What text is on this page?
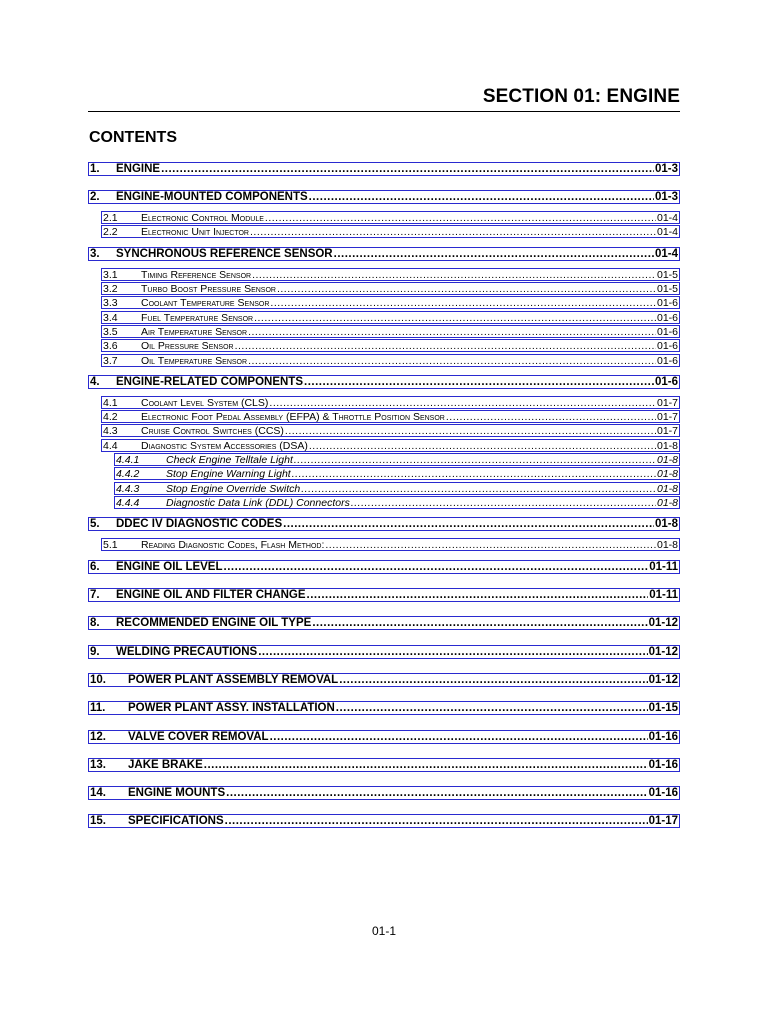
SECTION 01: ENGINE
CONTENTS
1.	ENGINE .....	01-3
2.	ENGINE-MOUNTED COMPONENTS .....	01-3
2.1	Electronic Control Module .....	01-4
2.2	Electronic Unit Injector .....	01-4
3.	SYNCHRONOUS REFERENCE SENSOR .....	01-4
3.1	Timing Reference Sensor .....	01-5
3.2	Turbo Boost Pressure Sensor .....	01-5
3.3	Coolant Temperature Sensor .....	01-6
3.4	Fuel Temperature Sensor .....	01-6
3.5	Air Temperature Sensor .....	01-6
3.6	Oil Pressure Sensor .....	01-6
3.7	Oil Temperature Sensor .....	01-6
4.	ENGINE-RELATED COMPONENTS .....	01-6
4.1	Coolant Level System (CLS) .....	01-7
4.2	Electronic Foot Pedal Assembly (EFPA) & Throttle Position Sensor .....	01-7
4.3	Cruise Control Switches (CCS) .....	01-7
4.4	Diagnostic System Accessories (DSA) .....	01-8
4.4.1	Check Engine Telltale Light .....	01-8
4.4.2	Stop Engine Warning Light .....	01-8
4.4.3	Stop Engine Override Switch .....	01-8
4.4.4	Diagnostic Data Link (DDL) Connectors .....	01-8
5.	DDEC IV DIAGNOSTIC CODES .....	01-8
5.1	Reading Diagnostic Codes, Flash Method: .....	01-8
6.	ENGINE OIL LEVEL .....	01-11
7.	ENGINE OIL AND FILTER CHANGE .....	01-11
8.	RECOMMENDED ENGINE OIL TYPE .....	01-12
9.	WELDING PRECAUTIONS .....	01-12
10.	POWER PLANT ASSEMBLY REMOVAL .....	01-12
11.	POWER PLANT ASSY. INSTALLATION .....	01-15
12.	VALVE COVER REMOVAL .....	01-16
13.	JAKE BRAKE .....	01-16
14.	ENGINE MOUNTS .....	01-16
15.	SPECIFICATIONS .....	01-17
01-1
